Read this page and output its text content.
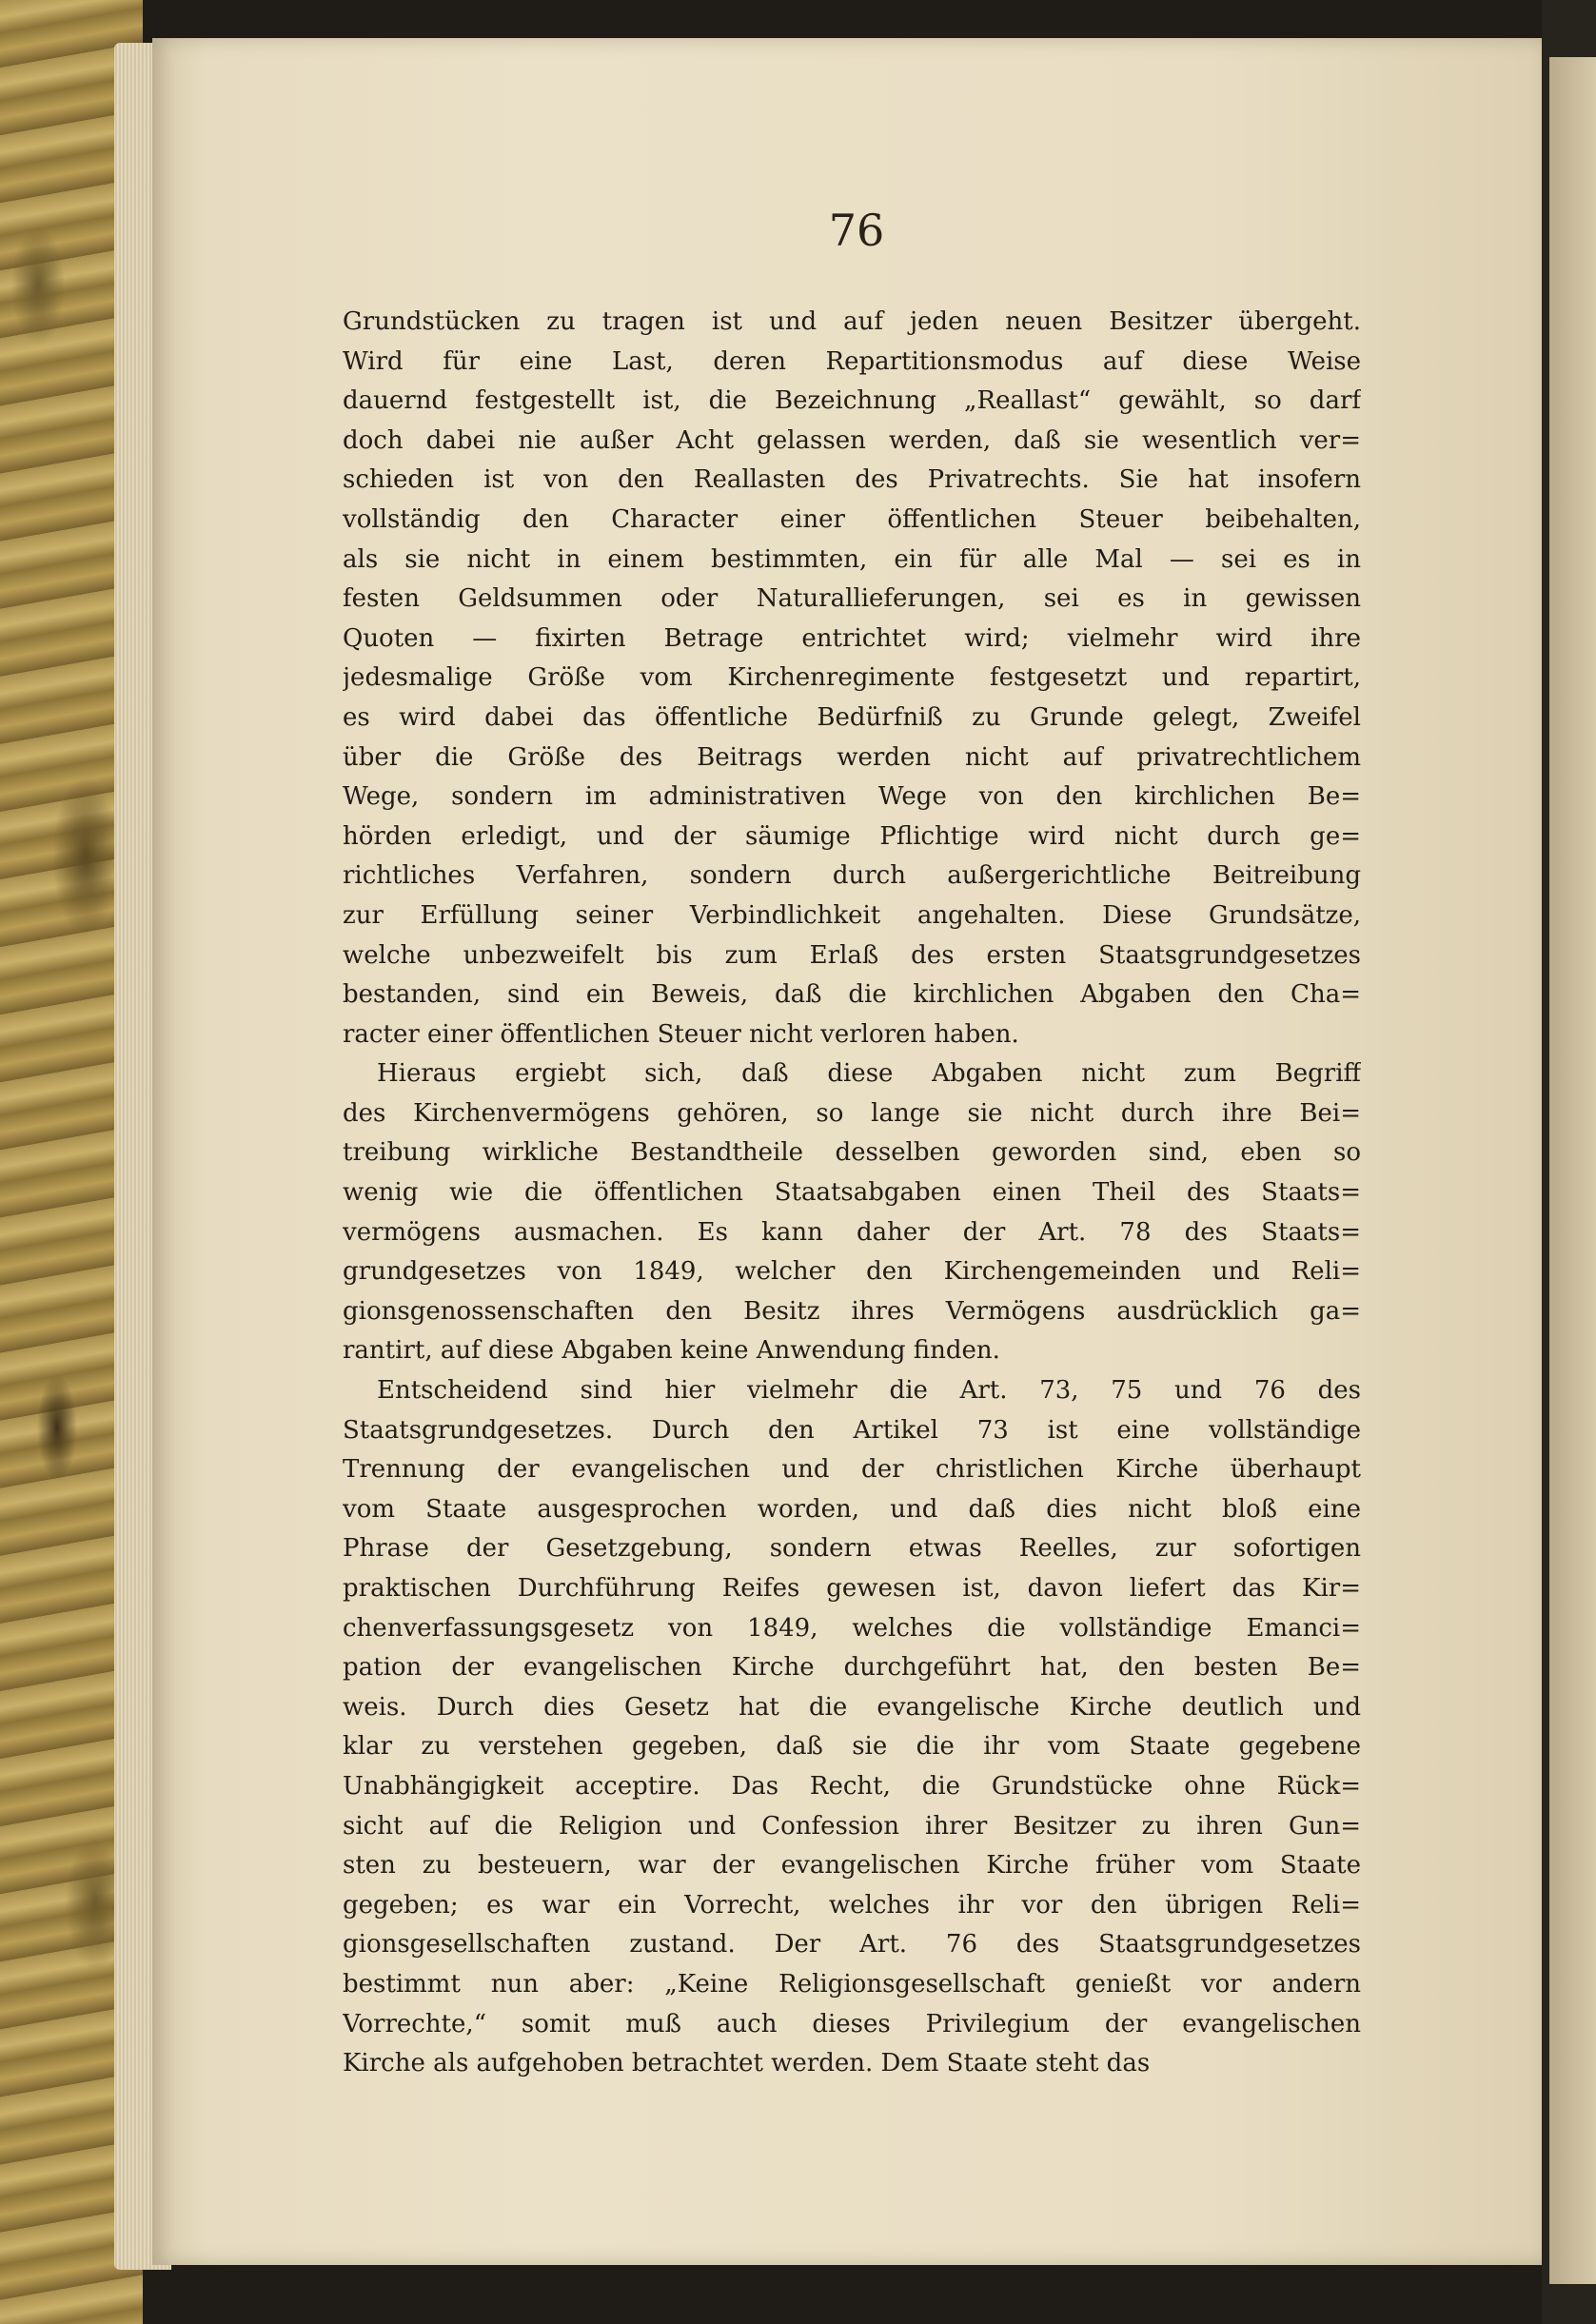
76
Grundstücken zu tragen ist und auf jeden neuen Besitzer übergeht.
Wird für eine Last, deren Repartitionsmodus auf diese Weise
dauernd festgestellt ist, die Bezeichnung „Reallast“ gewählt, so darf
doch dabei nie außer Acht gelassen werden, daß sie wesentlich ver=
schieden ist von den Reallasten des Privatrechts. Sie hat insofern
vollständig den Character einer öffentlichen Steuer beibehalten,
als sie nicht in einem bestimmten, ein für alle Mal — sei es in
festen Geldsummen oder Naturallieferungen, sei es in gewissen
Quoten — fixirten Betrage entrichtet wird; vielmehr wird ihre
jedesmalige Größe vom Kirchenregimente festgesetzt und repartirt,
es wird dabei das öffentliche Bedürfniß zu Grunde gelegt, Zweifel
über die Größe des Beitrags werden nicht auf privatrechtlichem
Wege, sondern im administrativen Wege von den kirchlichen Be=
hörden erledigt, und der säumige Pflichtige wird nicht durch ge=
richtliches Verfahren, sondern durch außergerichtliche Beitreibung
zur Erfüllung seiner Verbindlichkeit angehalten. Diese Grundsätze,
welche unbezweifelt bis zum Erlaß des ersten Staatsgrundgesetzes
bestanden, sind ein Beweis, daß die kirchlichen Abgaben den Cha=
racter einer öffentlichen Steuer nicht verloren haben.
Hieraus ergiebt sich, daß diese Abgaben nicht zum Begriff
des Kirchenvermögens gehören, so lange sie nicht durch ihre Bei=
treibung wirkliche Bestandtheile desselben geworden sind, eben so
wenig wie die öffentlichen Staatsabgaben einen Theil des Staats=
vermögens ausmachen. Es kann daher der Art. 78 des Staats=
grundgesetzes von 1849, welcher den Kirchengemeinden und Reli=
gionsgenossenschaften den Besitz ihres Vermögens ausdrücklich ga=
rantirt, auf diese Abgaben keine Anwendung finden.
Entscheidend sind hier vielmehr die Art. 73, 75 und 76 des
Staatsgrundgesetzes. Durch den Artikel 73 ist eine vollständige
Trennung der evangelischen und der christlichen Kirche überhaupt
vom Staate ausgesprochen worden, und daß dies nicht bloß eine
Phrase der Gesetzgebung, sondern etwas Reelles, zur sofortigen
praktischen Durchführung Reifes gewesen ist, davon liefert das Kir=
chenverfassungsgesetz von 1849, welches die vollständige Emanci=
pation der evangelischen Kirche durchgeführt hat, den besten Be=
weis. Durch dies Gesetz hat die evangelische Kirche deutlich und
klar zu verstehen gegeben, daß sie die ihr vom Staate gegebene
Unabhängigkeit acceptire. Das Recht, die Grundstücke ohne Rück=
sicht auf die Religion und Confession ihrer Besitzer zu ihren Gun=
sten zu besteuern, war der evangelischen Kirche früher vom Staate
gegeben; es war ein Vorrecht, welches ihr vor den übrigen Reli=
gionsgesellschaften zustand. Der Art. 76 des Staatsgrundgesetzes
bestimmt nun aber: „Keine Religionsgesellschaft genießt vor andern
Vorrechte,“ somit muß auch dieses Privilegium der evangelischen
Kirche als aufgehoben betrachtet werden. Dem Staate steht das
